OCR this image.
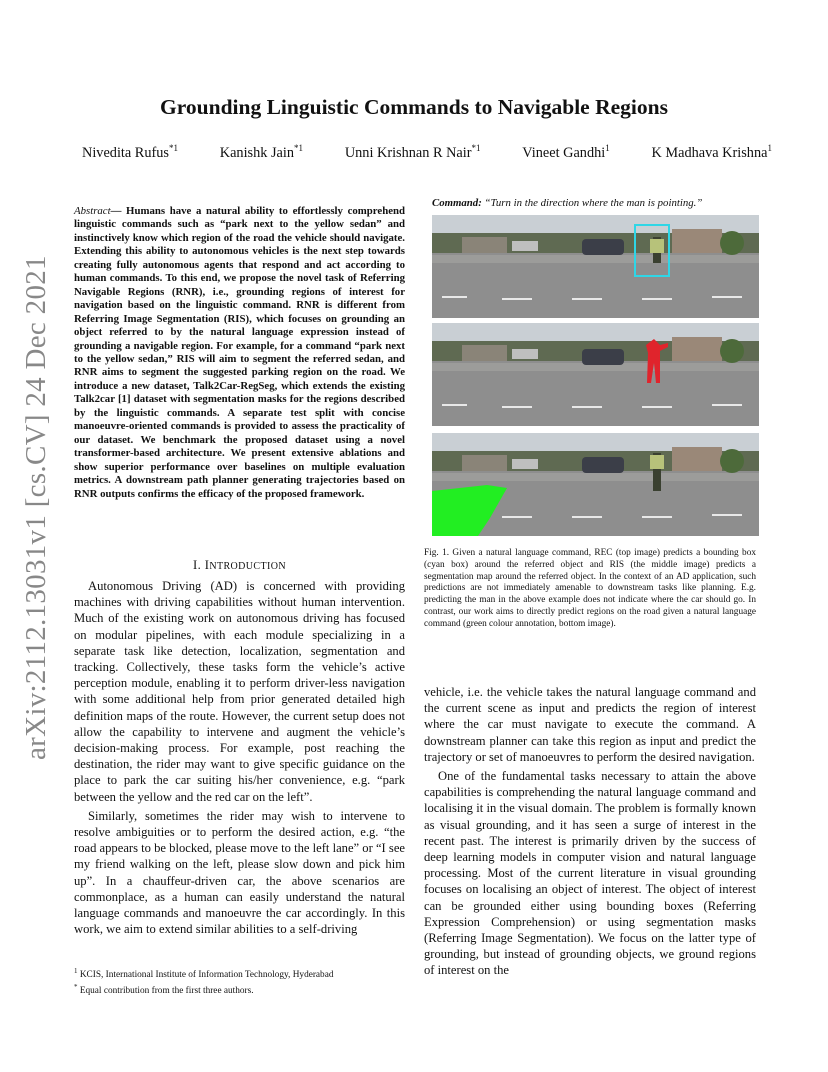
Grounding Linguistic Commands to Navigable Regions
Nivedita Rufus$^{*1}$	Kanishk Jain$^{*1}$	Unni Krishnan R Nair$^{*1}$	Vineet Gandhi$^1$	K Madhava Krishna$^1$
arXiv:2112.13031v1 [cs.CV] 24 Dec 2021
Abstract— Humans have a natural ability to effortlessly comprehend linguistic commands such as “park next to the yellow sedan” and instinctively know which region of the road the vehicle should navigate. Extending this ability to autonomous vehicles is the next step towards creating fully autonomous agents that respond and act according to human commands. To this end, we propose the novel task of Referring Navigable Regions (RNR), i.e., grounding regions of interest for navigation based on the linguistic command. RNR is different from Referring Image Segmentation (RIS), which focuses on grounding an object referred to by the natural language expression instead of grounding a navigable region. For example, for a command “park next to the yellow sedan,” RIS will aim to segment the referred sedan, and RNR aims to segment the suggested parking region on the road. We introduce a new dataset, Talk2Car-RegSeg, which extends the existing Talk2car [1] dataset with segmentation masks for the regions described by the linguistic commands. A separate test split with concise manoeuvre-oriented commands is provided to assess the practicality of our dataset. We benchmark the proposed dataset using a novel transformer-based architecture. We present extensive ablations and show superior performance over baselines on multiple evaluation metrics. A downstream path planner generating trajectories based on RNR outputs confirms the efficacy of the proposed framework.
I. INTRODUCTION

Autonomous Driving (AD) is concerned with providing machines with driving capabilities without human intervention. Much of the existing work on autonomous driving has focused on modular pipelines, with each module specializing in a separate task like detection, localization, segmentation and tracking. Collectively, these tasks form the vehicle’s active perception module, enabling it to perform driver-less navigation with some additional help from prior generated detailed high definition maps of the route. However, the current setup does not allow the capability to intervene and augment the vehicle’s decision-making process. For example, post reaching the destination, the rider may want to give specific guidance on the place to park the car suiting his/her convenience, e.g. “park between the yellow and the red car on the left”.

Similarly, sometimes the rider may wish to intervene to resolve ambiguities or to perform the desired action, e.g. “the road appears to be blocked, please move to the left lane” or “I see my friend walking on the left, please slow down and pick him up”. In a chauffeur-driven car, the above scenarios are commonplace, as a human can easily understand the natural language commands and manoeuvre the car accordingly. In this work, we aim to extend similar abilities to a self-driving

$^1$ KCIS, International Institute of Information Technology, Hyderabad
* Equal contribution from the first three authors.
Command: “Turn in the direction where the man is pointing.”
Fig. 1. Given a natural language command, REC (top image) predicts a bounding box (cyan box) around the referred object and RIS (the middle image) predicts a segmentation map around the referred object. In the context of an AD application, such predictions are not immediately amenable to downstream tasks like planning. E.g. predicting the man in the above example does not indicate where the car should go. In contrast, our work aims to directly predict regions on the road given a natural language command (green colour annotation, bottom image).

vehicle, i.e. the vehicle takes the natural language command and the current scene as input and predicts the region of interest where the car must navigate to execute the command. A downstream planner can take this region as input and predict the trajectory or set of manoeuvres to perform the desired navigation.

One of the fundamental tasks necessary to attain the above capabilities is comprehending the natural language command and localising it in the visual domain. The problem is formally known as visual grounding, and it has seen a surge of interest in the recent past. The interest is primarily driven by the success of deep learning models in computer vision and natural language processing. Most of the current literature in visual grounding focuses on localising an object of interest. The object of interest can be grounded either using bounding boxes (Referring Expression Comprehension) or using segmentation masks (Referring Image Segmentation). We focus on the latter type of grounding, but instead of grounding objects, we ground regions of interest on the
